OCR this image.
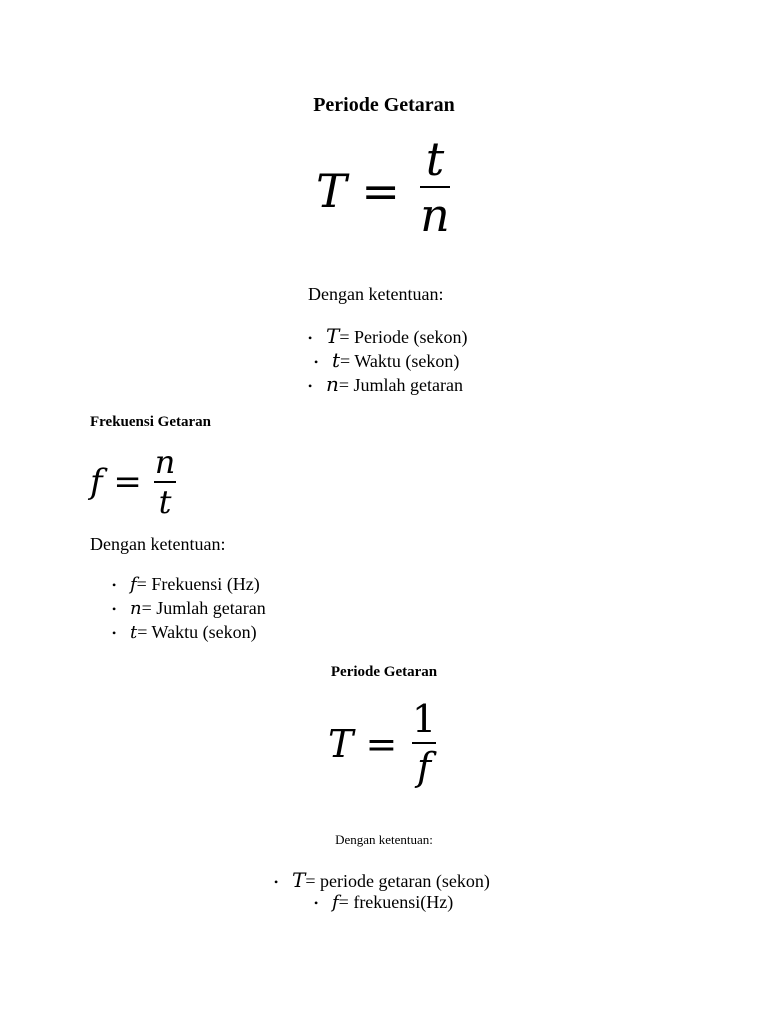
Periode Getaran
T =
t
n
Dengan ketentuan:
• T= Periode (sekon)
• t= Waktu (sekon)
• n= Jumlah getaran
Frekuensi Getaran
f = n
t
Dengan ketentuan:
• f= Frekuensi (Hz)
• n= Jumlah getaran
• t= Waktu (sekon)
Periode Getaran
T =
1
f
Dengan ketentuan:
• T= periode getaran (sekon)
• f= frekuensi(Hz)
